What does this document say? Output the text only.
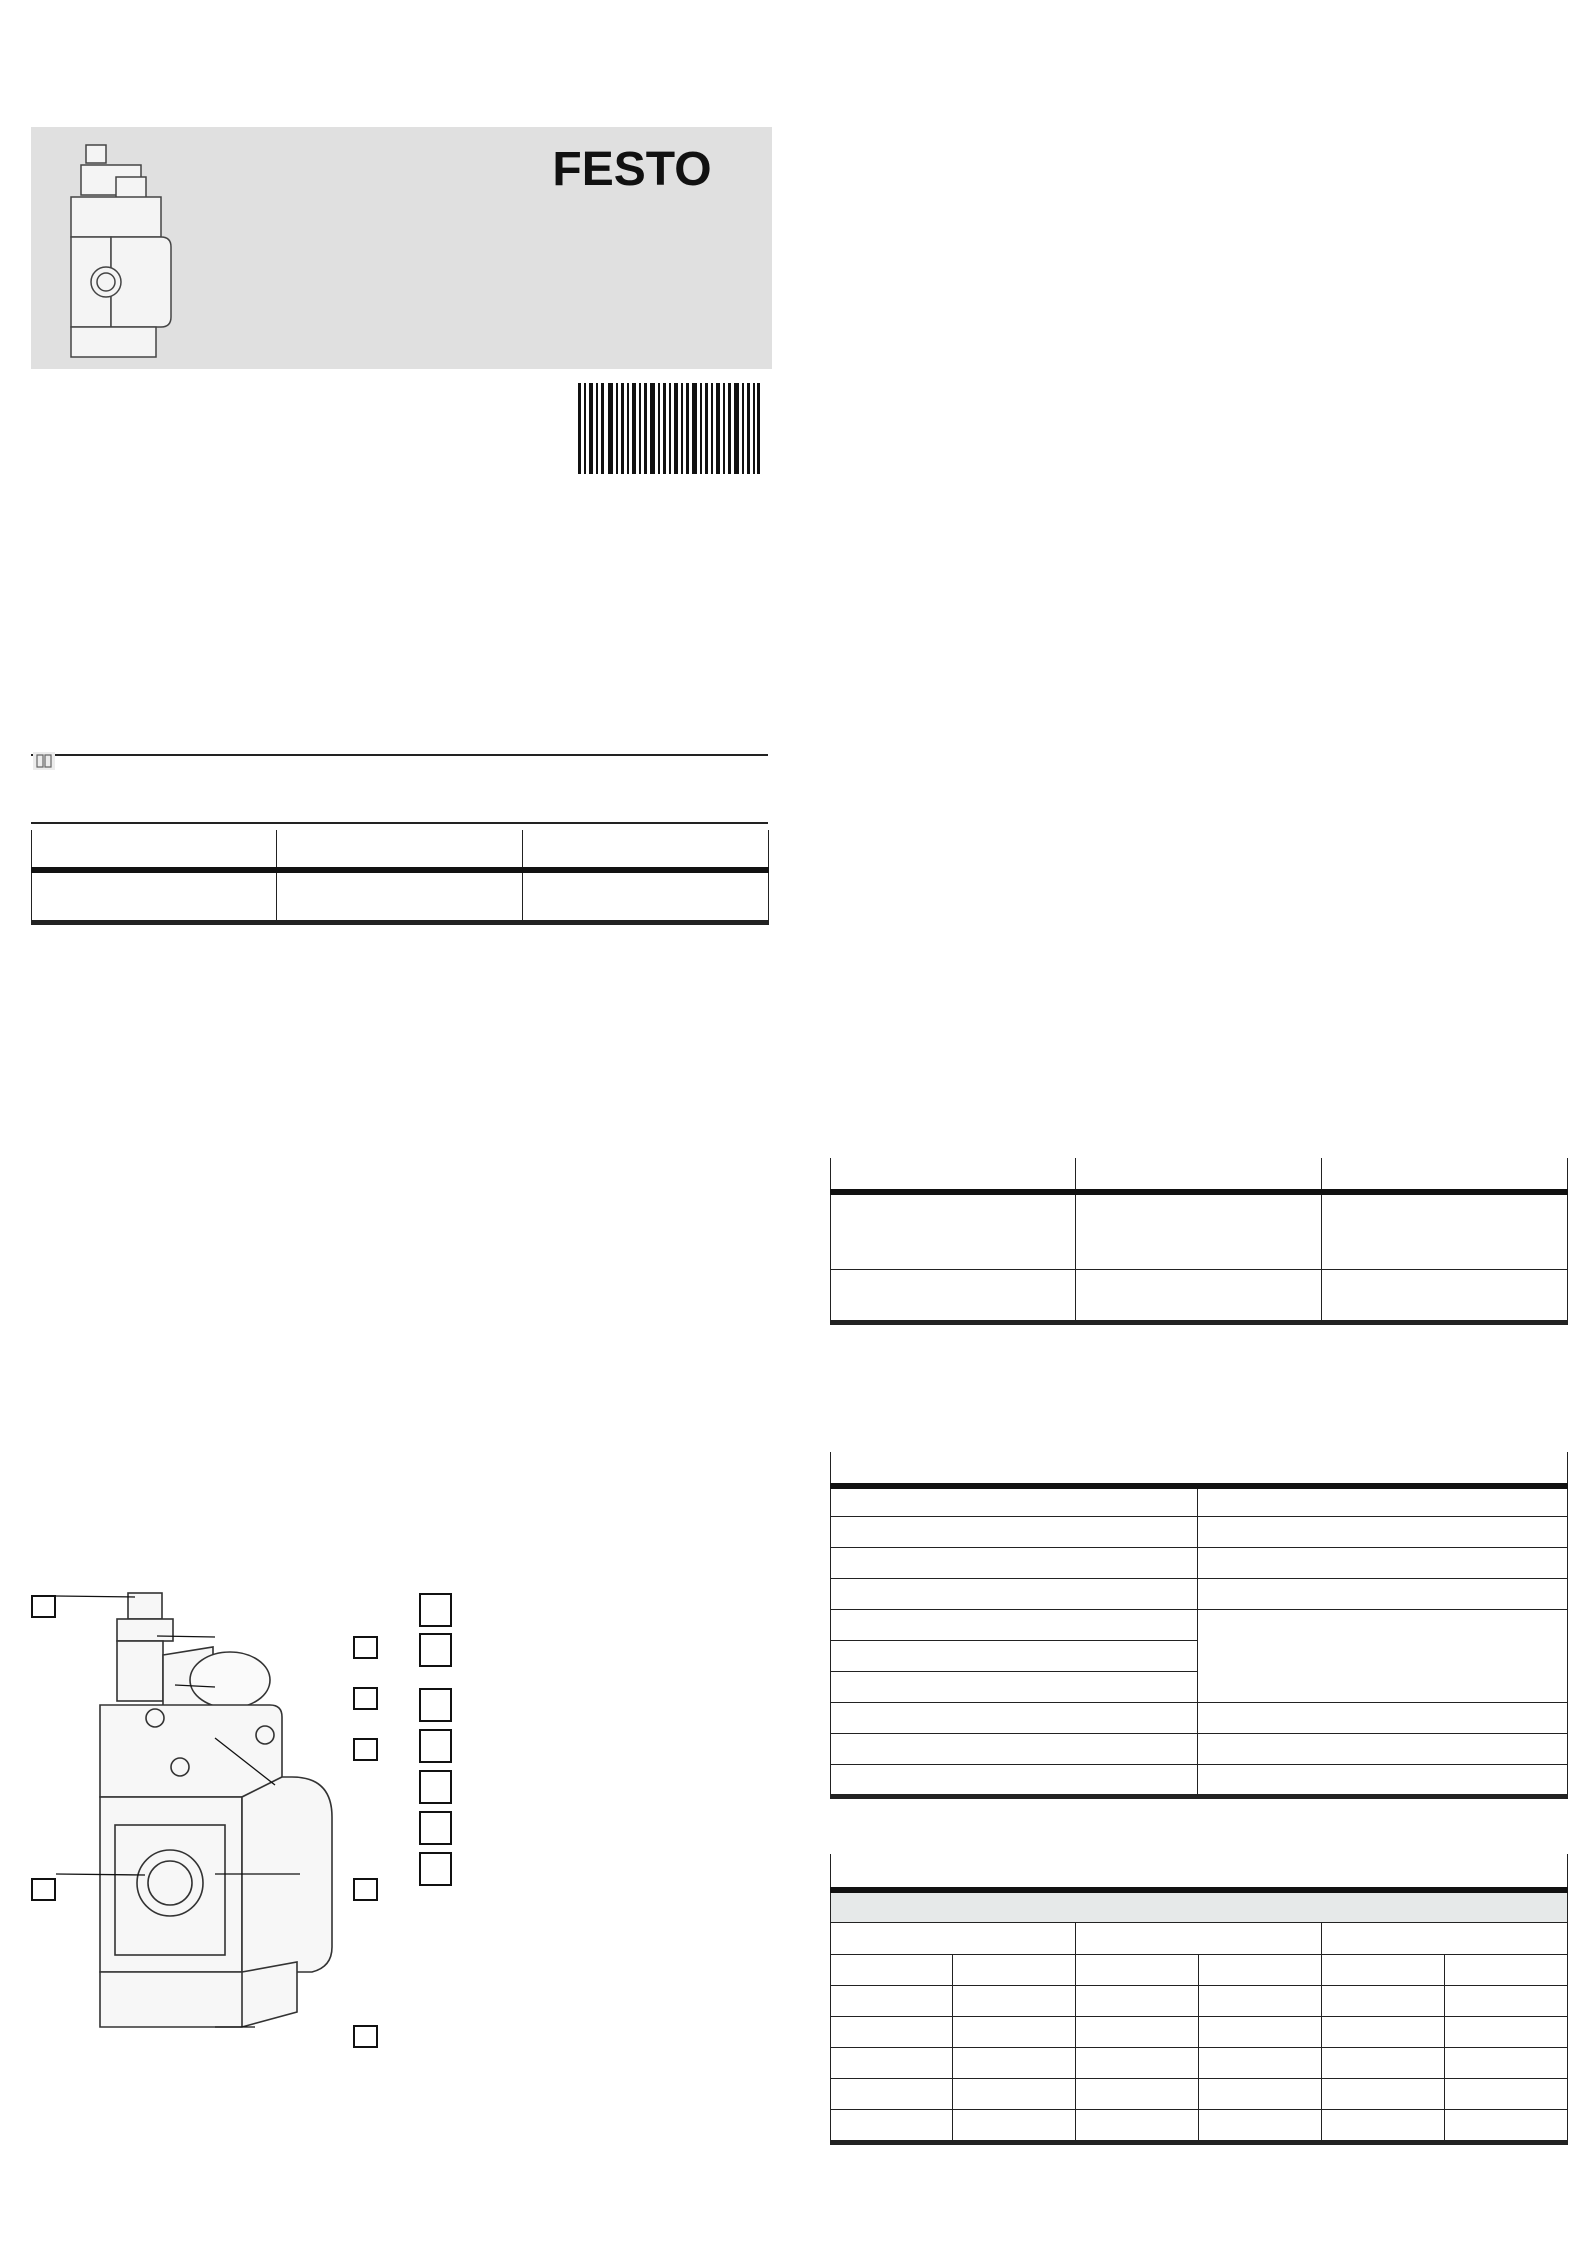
FESTO
